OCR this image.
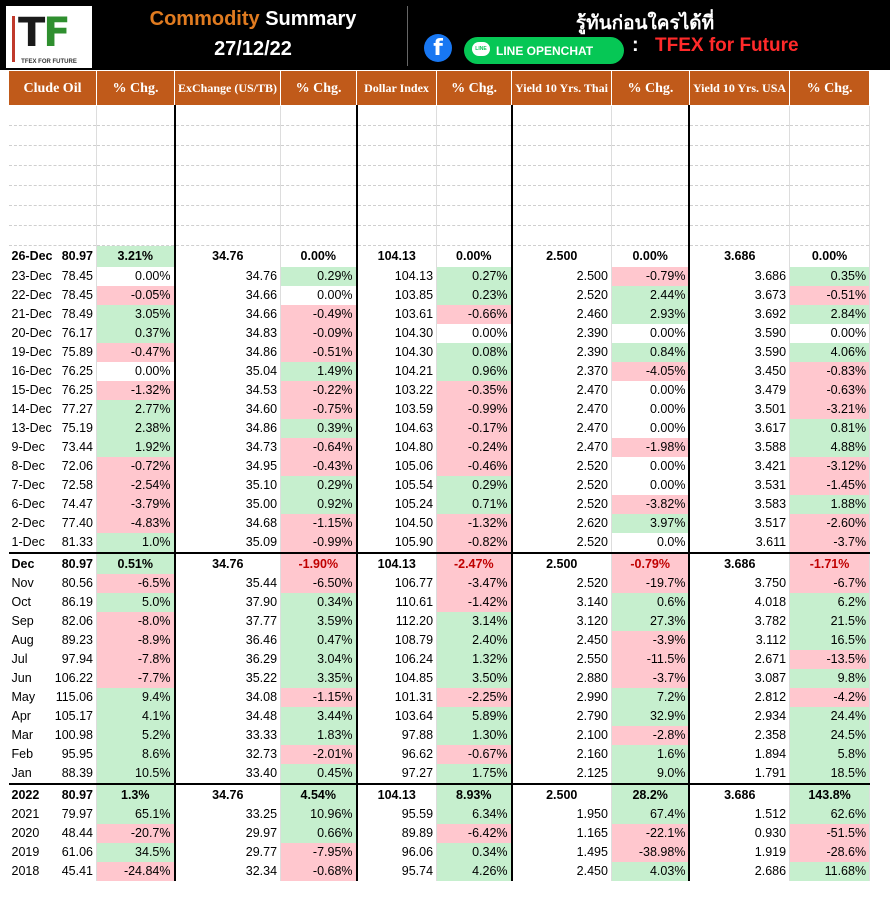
TF
TFEX FOR FUTURE
Commodity Summary
27/12/22
รู้ทันก่อนใครได้ที่
f	LINE LINE OPENCHAT : TFEX for Future
Clude Oil	% Chg.	ExChange (US/TB)	% Chg.	Dollar Index	% Chg.	Yield 10 Yrs. Thai	% Chg.	Yield 10 Yrs. USA	% Chg.

26-Dec 80.97	3.21%	34.76	0.00%	104.13	0.00%	2.500	0.00%	3.686	0.00%

23-Dec 78.45	0.00%	34.76	0.29%	104.13	0.27%	2.500	-0.79%	3.686	0.35%

22-Dec 78.45	-0.05%	34.66	0.00%	103.85	0.23%	2.520	2.44%	3.673	-0.51%

21-Dec 78.49	3.05%	34.66	-0.49%	103.61	-0.66%	2.460	2.93%	3.692	2.84%

20-Dec 76.17	0.37%	34.83	-0.09%	104.30	0.00%	2.390	0.00%	3.590	0.00%

19-Dec 75.89	-0.47%	34.86	-0.51%	104.30	0.08%	2.390	0.84%	3.590	4.06%

16-Dec 76.25	0.00%	35.04	1.49%	104.21	0.96%	2.370	-4.05%	3.450	-0.83%

15-Dec 76.25	-1.32%	34.53	-0.22%	103.22	-0.35%	2.470	0.00%	3.479	-0.63%

14-Dec 77.27	2.77%	34.60	-0.75%	103.59	-0.99%	2.470	0.00%	3.501	-3.21%

13-Dec 75.19	2.38%	34.86	0.39%	104.63	-0.17%	2.470	0.00%	3.617	0.81%

9-Dec 73.44	1.92%	34.73	-0.64%	104.80	-0.24%	2.470	-1.98%	3.588	4.88%

8-Dec 72.06	-0.72%	34.95	-0.43%	105.06	-0.46%	2.520	0.00%	3.421	-3.12%

7-Dec 72.58	-2.54%	35.10	0.29%	105.54	0.29%	2.520	0.00%	3.531	-1.45%

6-Dec 74.47	-3.79%	35.00	0.92%	105.24	0.71%	2.520	-3.82%	3.583	1.88%

2-Dec 77.40	-4.83%	34.68	-1.15%	104.50	-1.32%	2.620	3.97%	3.517	-2.60%

1-Dec 81.33	1.0%	35.09	-0.99%	105.90	-0.82%	2.520	0.0%	3.611	-3.7%

Dec 80.97	0.51%	34.76	-1.90%	104.13	-2.47%	2.500	-0.79%	3.686	-1.71%

Nov 80.56	-6.5%	35.44	-6.50%	106.77	-3.47%	2.520	-19.7%	3.750	-6.7%

Oct 86.19	5.0%	37.90	0.34%	110.61	-1.42%	3.140	0.6%	4.018	6.2%

Sep 82.06	-8.0%	37.77	3.59%	112.20	3.14%	3.120	27.3%	3.782	21.5%

Aug 89.23	-8.9%	36.46	0.47%	108.79	2.40%	2.450	-3.9%	3.112	16.5%

Jul 97.94	-7.8%	36.29	3.04%	106.24	1.32%	2.550	-11.5%	2.671	-13.5%

Jun 106.22	-7.7%	35.22	3.35%	104.85	3.50%	2.880	-3.7%	3.087	9.8%

May 115.06	9.4%	34.08	-1.15%	101.31	-2.25%	2.990	7.2%	2.812	-4.2%

Apr 105.17	4.1%	34.48	3.44%	103.64	5.89%	2.790	32.9%	2.934	24.4%

Mar 100.98	5.2%	33.33	1.83%	97.88	1.30%	2.100	-2.8%	2.358	24.5%

Feb 95.95	8.6%	32.73	-2.01%	96.62	-0.67%	2.160	1.6%	1.894	5.8%

Jan 88.39	10.5%	33.40	0.45%	97.27	1.75%	2.125	9.0%	1.791	18.5%

2022 80.97	1.3%	34.76	4.54%	104.13	8.93%	2.500	28.2%	3.686	143.8%

2021 79.97	65.1%	33.25	10.96%	95.59	6.34%	1.950	67.4%	1.512	62.6%

2020 48.44	-20.7%	29.97	0.66%	89.89	-6.42%	1.165	-22.1%	0.930	-51.5%

2019 61.06	34.5%	29.77	-7.95%	96.06	0.34%	1.495	-38.98%	1.919	-28.6%

2018 45.41	-24.84%	32.34	-0.68%	95.74	4.26%	2.450	4.03%	2.686	11.68%
